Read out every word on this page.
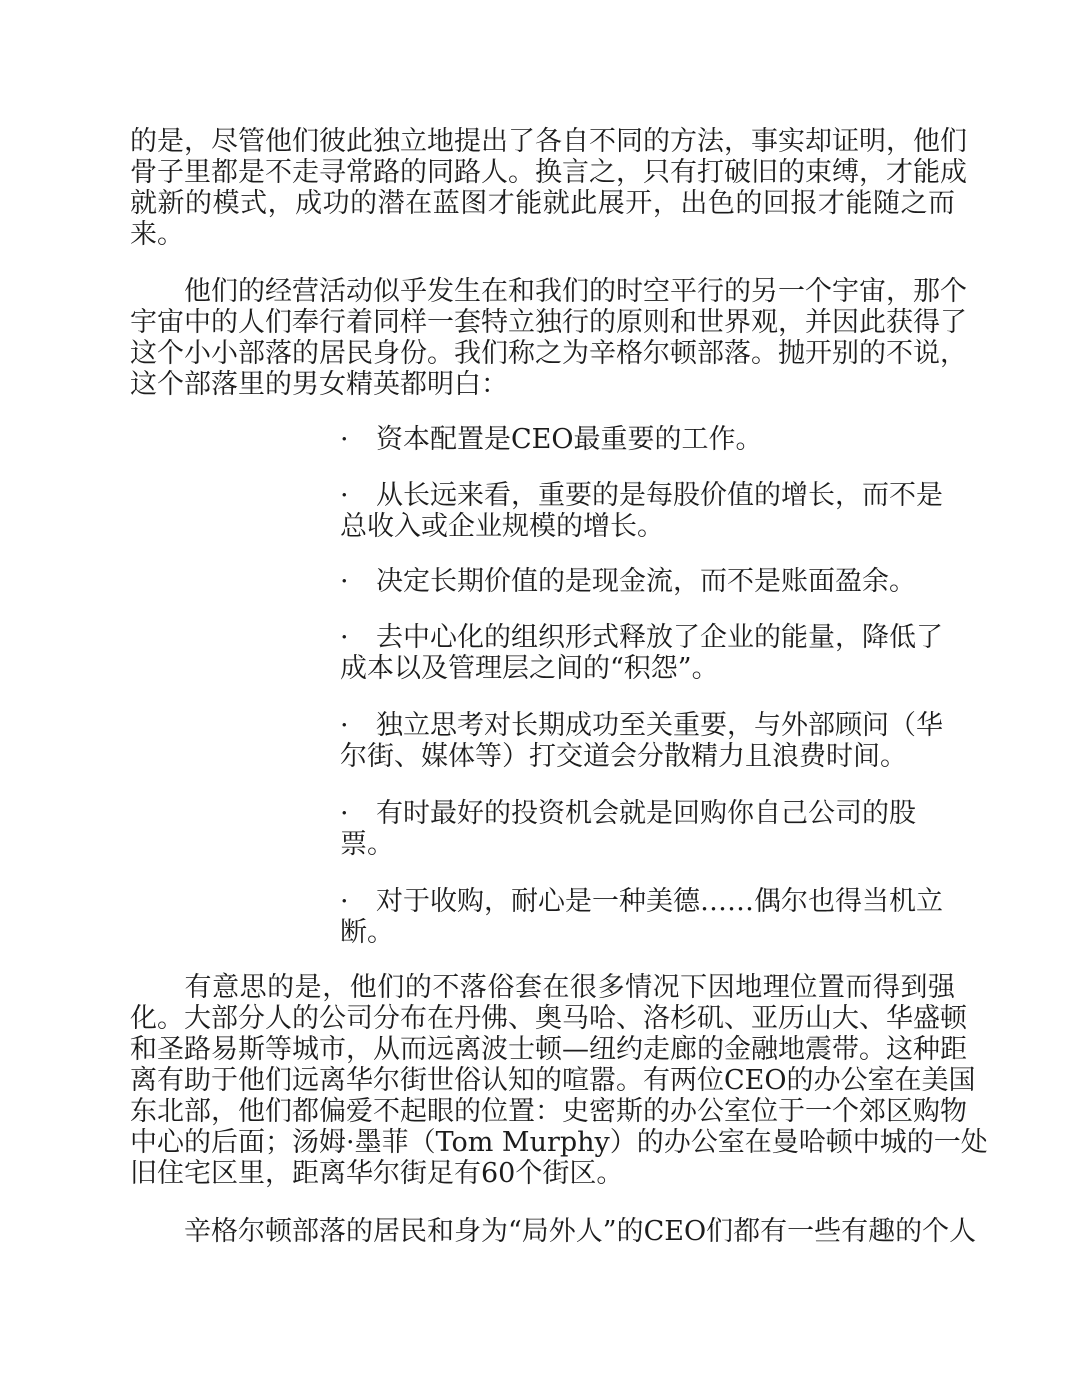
的是，尽管他们彼此独立地提出了各自不同的方法，事实却证明，他们
骨子里都是不走寻常路的同路人。换言之，只有打破旧的束缚，才能成
就新的模式，成功的潜在蓝图才能就此展开，出色的回报才能随之而
来。

他们的经营活动似乎发生在和我们的时空平行的另一个宇宙，那个
宇宙中的人们奉行着同样一套特立独行的原则和世界观，并因此获得了
这个小小部落的居民身份。我们称之为辛格尔顿部落。抛开别的不说，
这个部落里的男女精英都明白：

· 资本配置是CEO最重要的工作。

· 从长远来看，重要的是每股价值的增长，而不是
总收入或企业规模的增长。

· 决定长期价值的是现金流，而不是账面盈余。

· 去中心化的组织形式释放了企业的能量，降低了
成本以及管理层之间的“积怨”。

· 独立思考对长期成功至关重要，与外部顾问（华
尔街、媒体等）打交道会分散精力且浪费时间。

· 有时最好的投资机会就是回购你自己公司的股
票。

· 对于收购，耐心是一种美德……偶尔也得当机立
断。

有意思的是，他们的不落俗套在很多情况下因地理位置而得到强
化。大部分人的公司分布在丹佛、奥马哈、洛杉矶、亚历山大、华盛顿
和圣路易斯等城市，从而远离波士顿—纽约走廊的金融地震带。这种距
离有助于他们远离华尔街世俗认知的喧嚣。有两位CEO的办公室在美国
东北部，他们都偏爱不起眼的位置：史密斯的办公室位于一个郊区购物
中心的后面；汤姆·墨菲（Tom Murphy）的办公室在曼哈顿中城的一处
旧住宅区里，距离华尔街足有60个街区。

辛格尔顿部落的居民和身为“局外人”的CEO们都有一些有趣的个人
